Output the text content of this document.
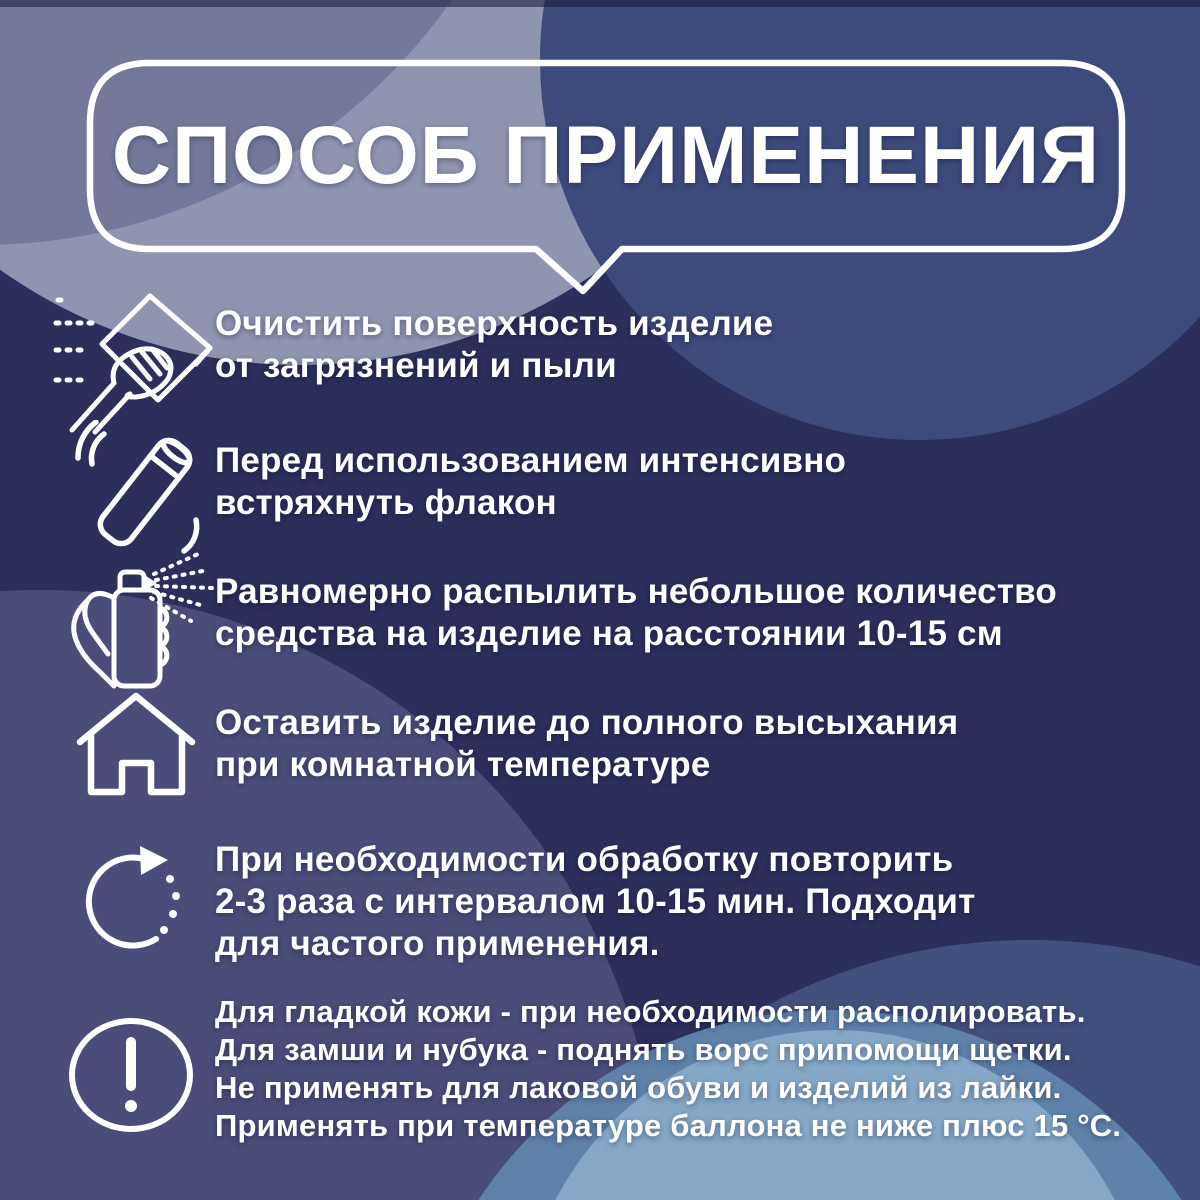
СПОСОБ ПРИМЕНЕНИЯ
Очистить поверхность изделие
от загрязнений и пыли
Перед использованием интенсивно
встряхнуть флакон
Равномерно распылить небольшое количество
средства на изделие на расстоянии 10-15 см
Оставить изделие до полного высыхания
при комнатной температуре
При необходимости обработку повторить
2-3 раза с интервалом 10-15 мин. Подходит
для частого применения.
Для гладкой кожи - при необходимости располировать.
Для замши и нубука - поднять ворс припомощи щетки.
Не применять для лаковой обуви и изделий из лайки.
Применять при температуре баллона не ниже плюс 15 °С.
